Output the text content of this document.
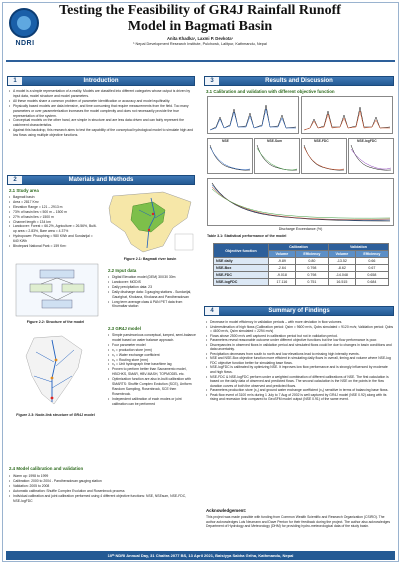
NDRI
Testing the Feasibility of GR4J Rainfall Runoff Model in Bagmati Basin
Anita Khadka¹, Laxmi P. Devkota¹
¹ Nepal Development Research Institute, Pulchowk, Lalitpur, Kathmandu, Nepal
1	Introduction
• A model is a simple representation of a reality. Models are classified into different categories whose output is driven by input data, model structure and model parameters.
• All these models share a common problem of parameter identification or accuracy and model equifinality.
• Physically based models are data intensive, and time consuming that require measurements from the field. Too many parameters or over parameterization increases the model complexity and does not necessarily provide the true representation of the system.
• Conceptual models on the other hand, are simple in structure and are less data driven and can fairly represent the catchment characteristics.
• Against this backdrop, this research aims to test the capability of the conceptual hydrological model to simulate high and low flows using multiple objective functions.
2	Materials and Methods
2.1 Study area
• Bagmati basin
• Area = 2817 Km²
• Elevation Range = 121 – 2913 m
• 73% of basin lies < 500 m – 1500 m
• 27% of basin lies > 1500 m
• Channel length = 134 km
• Landcover: Forest = 66.2%, Agriculture = 26.56%, Built-up area = 2.83%, Bare area = 4.37%
• Hydropower: Phouphing = 980 KWh and Sundarijal = 640 KWh
• Bhotepani National Park = 159 Km²
Figure 2.1: Bagmati river basin
Figure 2.2: Structure of the model
2.2 Input data
• Digital Elevation model (DEM) 30X30 30m
• Landcover: MODIS
• Daily precipitation data: 23
• Daily discharge data: 3 gauging stations - Sundarijal, Gaurighat, Khokana, Khokana and Pandheradovan
• Long term average class A PAN PET data from Khumaltar station
Figure 2.3: Node-link structure of GR4J model
2.3 GR4J model
• Simple parsimonious conceptual, lumped, semi-balance model based on water balance approach.
• Four parameter model
• x₁ = production store (mm)
• x₂ = Water exchange coefficient
• x₃ = Routing store (mm)
• x₄ = Unit hydrograph time base/time lag
• Proven to perform better than Sacramento model, HBCHKS, SMAR, HBV-MASH, TOPMODEL etc.
• Optimization function are also in-built calibration with SMARTS: Shuffle Complex Evolution (SCE), Uniform Random Sampling, Rosenbrock, SCE then Rosenbrock.
• Independent calibration of each modes or joint calibration can be performed
2.4 Model calibration and validation
• Warm up: 1998 to 1999
• Calibration: 2000 to 2004 - Pandheradovan gauging station
• Validation: 2005 to 2008
• Automatic calibration: Shuffle Complex Evolution and Rosenbrock process
• Individual calibration and joint calibration performed using 4 different objective functions: NSE, NSEsum, NSE-FDC, NSE-logFDC
3	Results and Discussion
3.1 Calibration and validation with different objective function
NSE	NSE-Sum	NSE-FDC	NSE-logFDC
Discharge Exceedance (%)
Table 3.1: Statistical performance of the model
Objective function	Calibration		Validation	
	Volume	Efficiency	Volume	Efficiency
NSE daily	-9.89	0.80	-13.52	0.66
NSE-Box	-2.64	0.798	-8.62	0.67
NSE-FDC	-9.018	0.798	-14.048	0.658
NSE-logFDC	17.116	0.751	16.515	0.684
4	Summary of Findings
• Decrease in model efficiency in validation periods – with more deviation in flow volumes.
• Underestimation of high flows (Calibration period: Qsim = 9600 m³/s, Qobs simulated = 9120 m³/s; Validation period: Qobs = 4600 m³/s, Qsim simulated = 2294 m³/s)
• Flows above 2500 m³/s well captured in calibration period but not in validation period.
• Parameters reveal reasonable outcome under different objective functions but the low flow performance is poor.
• Discrepancies in observed flows in validation period and simulated flows could be due to changes in basin conditions and data uncertainty.
• Precipitation decreases from south to north and low elevations lead to missing high intensity events.
• NSE and NSE-Box objective function more efficient in simulating daily flows in overall, timing and volume where NSE-log FDC objective function better for simulating base flows.
• NSE-logFDC is calibrated by optimizing NSE. It improves low flow performance and is strongly influenced by moderate and high flows.
• NSE-FDC & NSE-logFDC perform under a weighted combination of different calibrations of NSE. The first calculation is based on the daily data of observed and predicted flows. The second calculation is the NSE on the points in the flow duration curves of both the observed and predicted flows.
• Parameters production store (x₁) and ground water exchange coefficient (x₂) sensitive in terms of balancing base flows.
• Peak flow event of 3100 m³/s during 1 July to 7 Aug of 2002 is well captured by GR4J model (NSE 0.92) along with its rising and recession limb compared to GeoSFM model output (NSE 0.91) of the same event.
Acknowledgement:
This project was made possible with funding from Common Wealth Scientific and Research Organization (CSIRO). The author acknowledges Luis Neumann and Dave Penton for their feedback during the project. The author also acknowledges Department of Hydrology and Meteorology (DHM) for providing hydro-meteorological data of the study basin.
10ᵗʰ NDRI Annual Day, 31 Chaitra 2077 BS, 13 April 2021, Baisiyya Sabha Griha, Kathmandu, Nepal
